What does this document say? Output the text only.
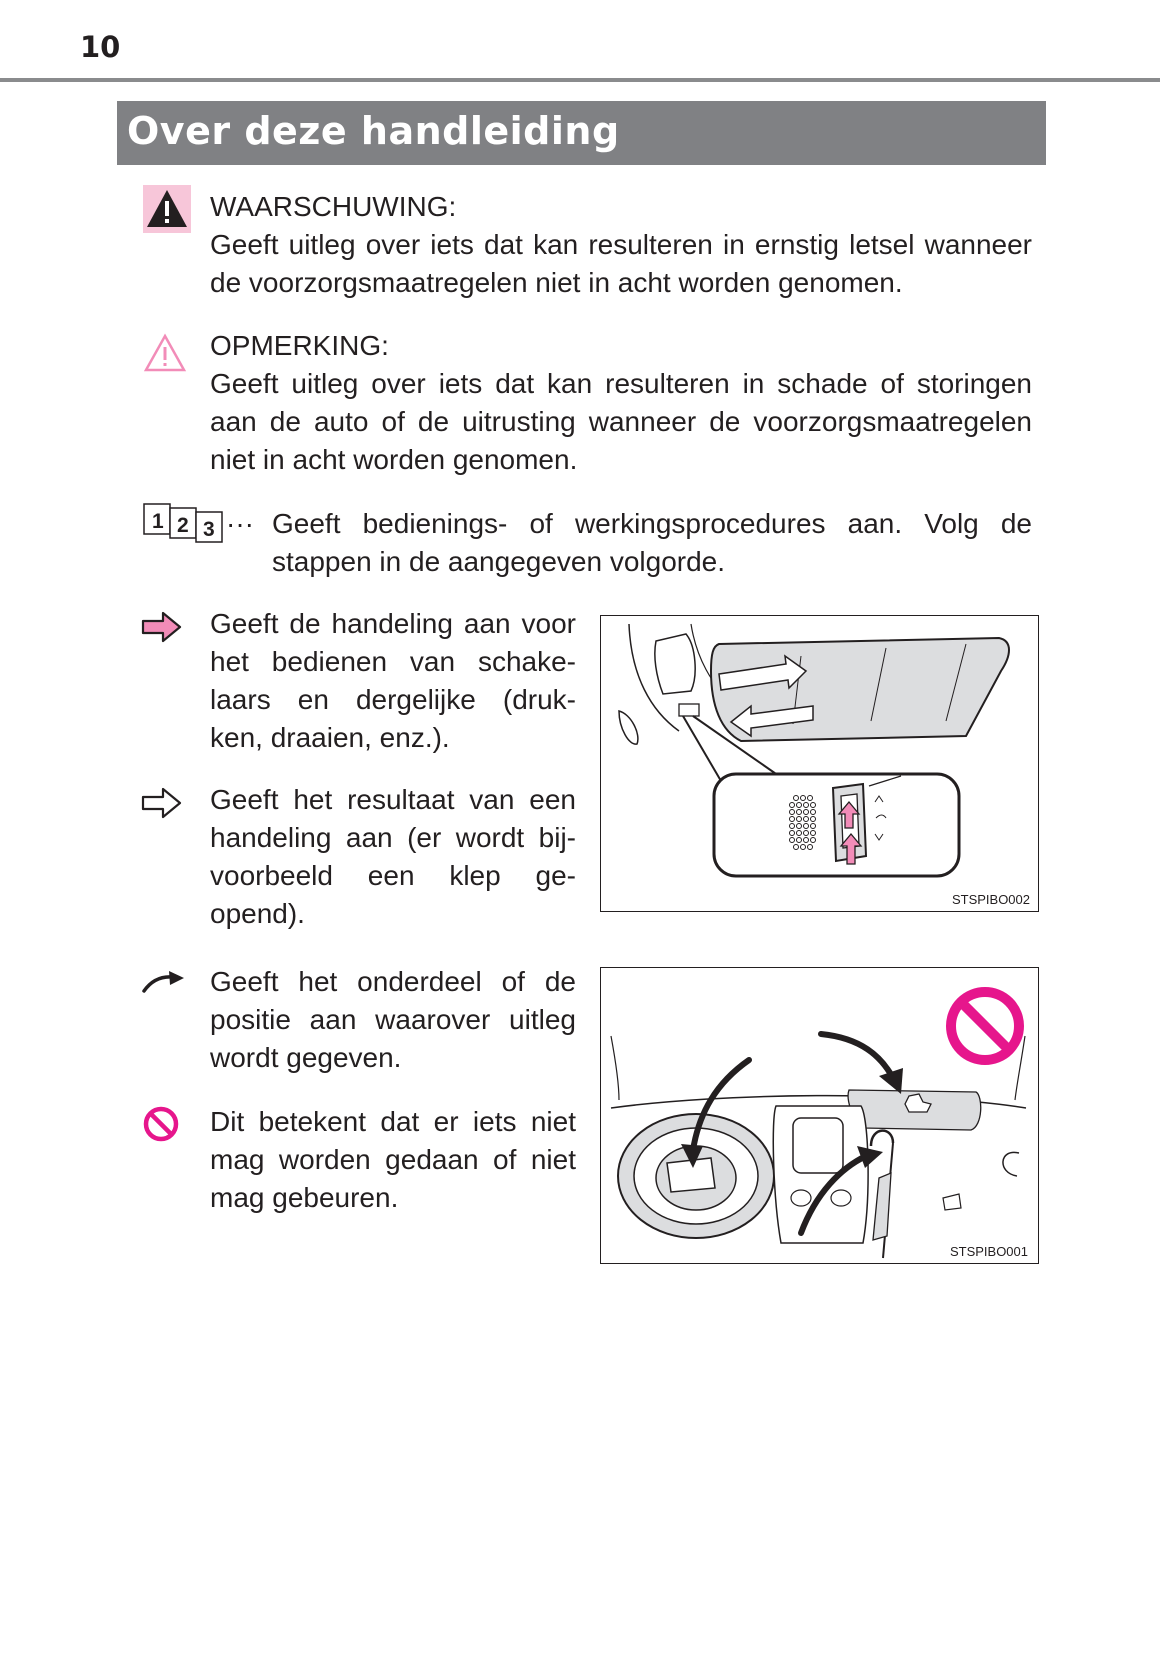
10
Over deze handleiding
WAARSCHUWING:
Geeft uitleg over iets dat kan resulteren in ernstig letsel wanneer
de voorzorgsmaatregelen niet in acht worden genomen.
OPMERKING:
Geeft uitleg over iets dat kan resulteren in schade of storingen
aan de auto of de uitrusting wanneer de voorzorgsmaatregelen
niet in acht worden genomen.
1 2 3 ··· Geeft bedienings- of werkingsprocedures aan. Volg de
stappen in de aangegeven volgorde.
Geeft de handeling aan voor
het bedienen van schake-
laars en dergelijke (druk-
ken, draaien, enz.).
Geeft het resultaat van een
handeling aan (er wordt bij-
voorbeeld een klep ge-
opend).
Geeft het onderdeel of de
positie aan waarover uitleg
wordt gegeven.
Dit betekent dat er iets niet
mag worden gedaan of niet
mag gebeuren.
STSPIBO002
STSPIBO001
